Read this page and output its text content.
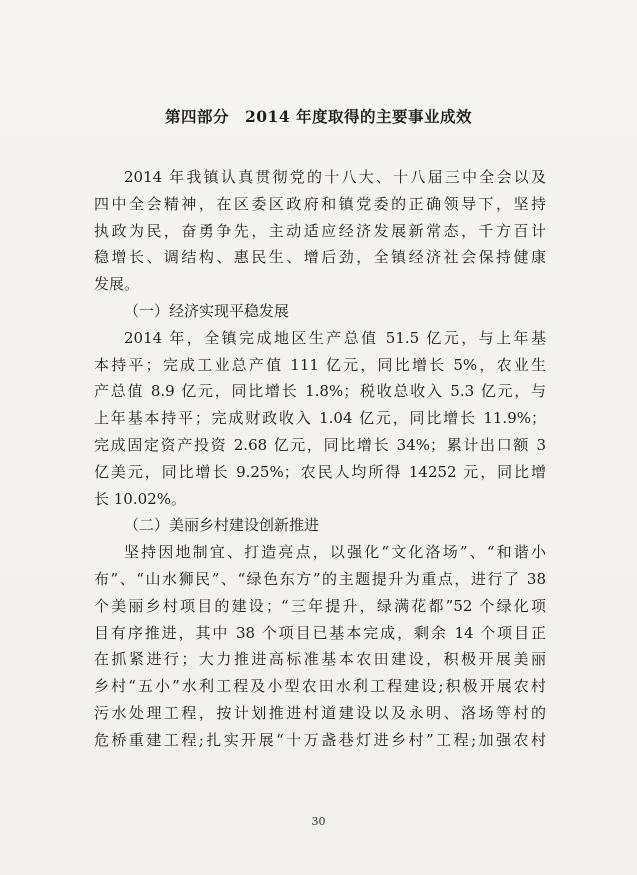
第四部分　2014 年度取得的主要事业成效
2014 年我镇认真贯彻党的十八大、十八届三中全会以及
四中全会精神，在区委区政府和镇党委的正确领导下，坚持
执政为民，奋勇争先，主动适应经济发展新常态，千方百计
稳增长、调结构、惠民生、增后劲，全镇经济社会保持健康
发展。
（一）经济实现平稳发展
2014 年，全镇完成地区生产总值 51.5 亿元，与上年基
本持平；完成工业总产值 111 亿元，同比增长 5%，农业生
产总值 8.9 亿元，同比增长 1.8%；税收总收入 5.3 亿元，与
上年基本持平；完成财政收入 1.04 亿元，同比增长 11.9%；
完成固定资产投资 2.68 亿元，同比增长 34%；累计出口额 3
亿美元，同比增长 9.25%；农民人均所得 14252 元，同比增
长 10.02%。
（二）美丽乡村建设创新推进
坚持因地制宜、打造亮点，以强化“文化洛场”、“和谐小
布”、“山水狮民”、“绿色东方”的主题提升为重点，进行了 38
个美丽乡村项目的建设；“三年提升，绿满花都”52 个绿化项
目有序推进，其中 38 个项目已基本完成，剩余 14 个项目正
在抓紧进行；大力推进高标准基本农田建设，积极开展美丽
乡村“五小”水利工程及小型农田水利工程建设;积极开展农村
污水处理工程，按计划推进村道建设以及永明、洛场等村的
危桥重建工程;扎实开展“十万盏巷灯进乡村”工程;加强农村
30
